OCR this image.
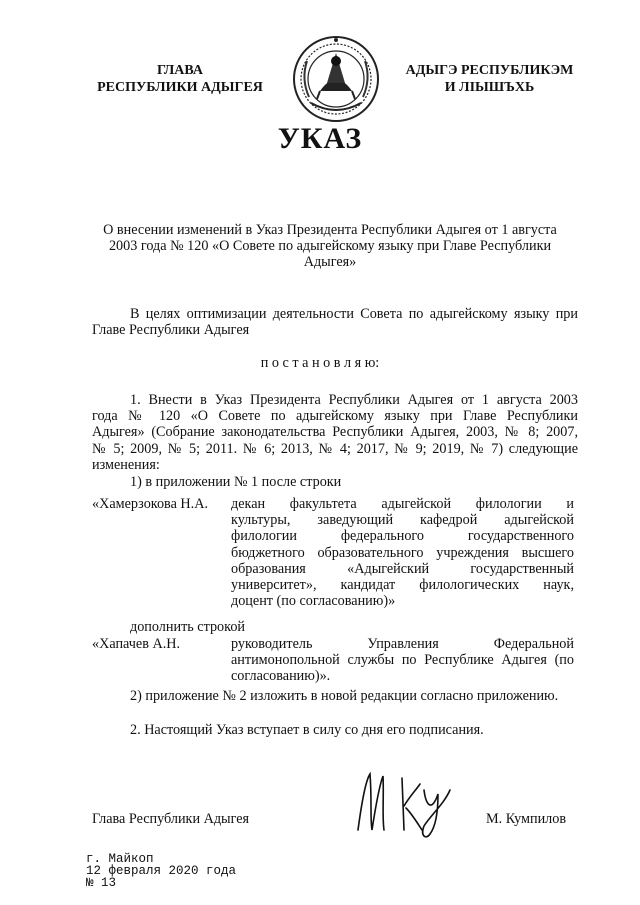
ГЛАВА
РЕСПУБЛИКИ АДЫГЕЯ
АДЫГЭ РЕСПУБЛИКЭМ
И ЛІЫШЪХЬ
УКАЗ
О внесении изменений в Указ Президента Республики Адыгея от 1 августа
2003 года № 120 «О Совете по адыгейскому языку при Главе Республики
Адыгея»
В целях оптимизации деятельности Совета по адыгейскому языку при
Главе Республики Адыгея
п о с т а н о в л я ю:
1. Внести в Указ Президента Республики Адыгея от 1 августа 2003
года № 120 «О Совете по адыгейскому языку при Главе Республики
Адыгея» (Собрание законодательства Республики Адыгея, 2003, № 8; 2007,
№ 5; 2009, № 5; 2011. № 6; 2013, № 4; 2017, № 9; 2019, № 7) следующие
изменения:
1) в приложении № 1 после строки
«Хамерзокова Н.А. декан факультета адыгейской филологии и
культуры, заведующий кафедрой адыгейской
филологии федерального государственного
бюджетного образовательного учреждения высшего
образования «Адыгейский государственный
университет», кандидат филологических наук,
доцент (по согласованию)»
дополнить строкой
«Хапачев А.Н.	руководитель Управления Федеральной
антимонопольной службы по Республике Адыгея (по
согласованию)».
2) приложение № 2 изложить в новой редакции согласно приложению.
2. Настоящий Указ вступает в силу со дня его подписания.
Глава Республики Адыгея	М. Кумпилов
г. Майкоп
12 февраля 2020 года
№ 13
